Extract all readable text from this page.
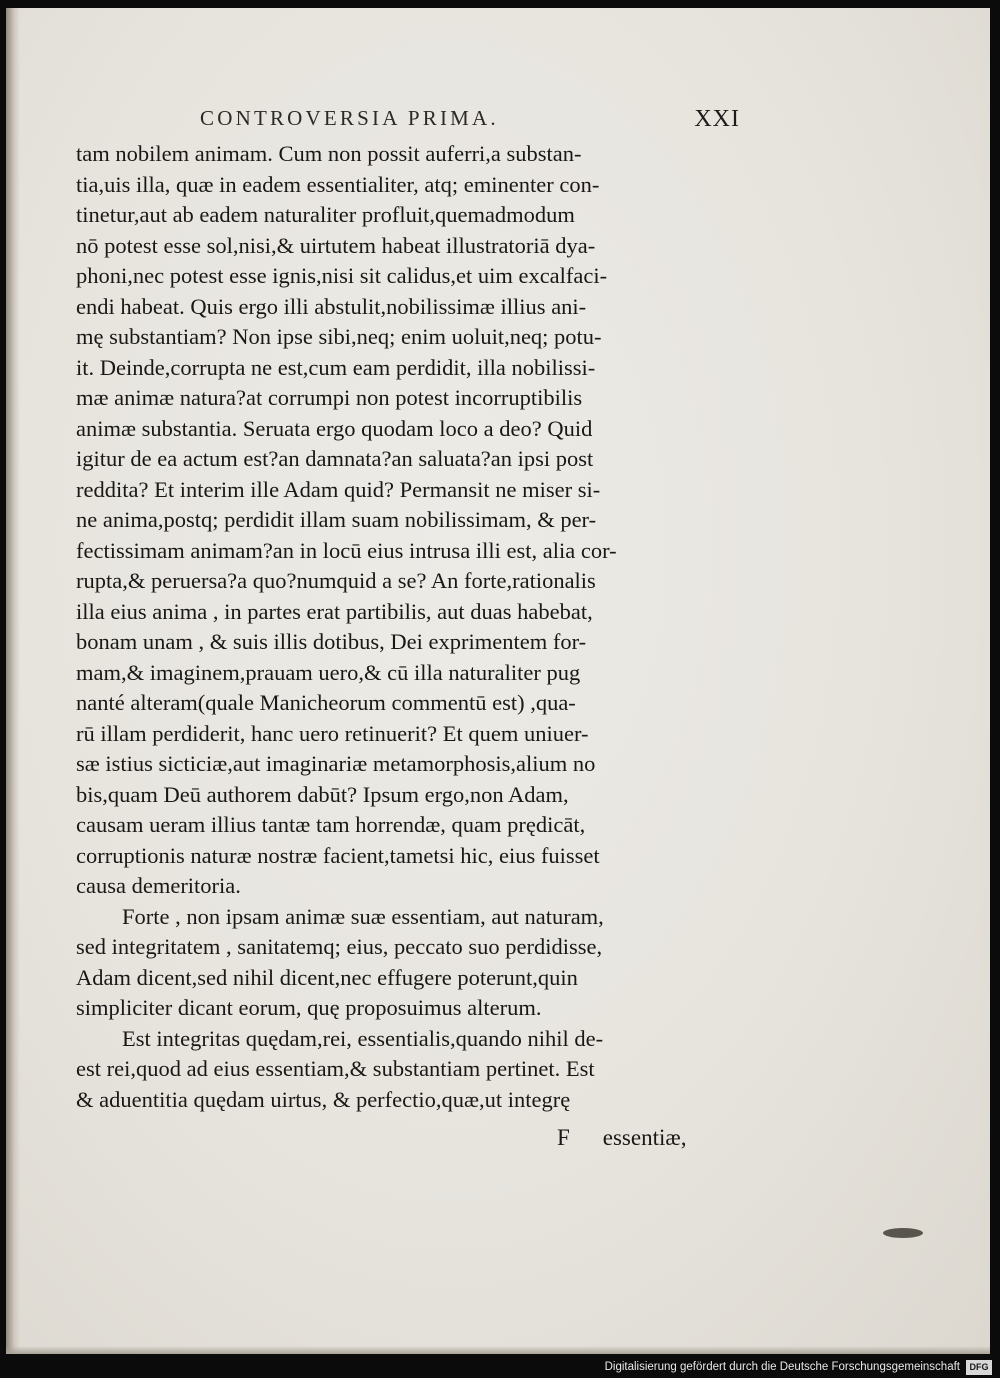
CONTROVERSIA PRIMA.	XXI
tam nobilem animam. Cum non possit auferri,a substan-
tia,uis illa, quæ in eadem essentialiter, atq; eminenter con-
tinetur,aut ab eadem naturaliter profluit,quemadmodum
nō potest esse sol,nisi,& uirtutem habeat illustratoriā dya-
phoni,nec potest esse ignis,nisi sit calidus,et uim excalfaci-
endi habeat. Quis ergo illi abstulit,nobilissimæ illius ani-
mę substantiam? Non ipse sibi,neq; enim uoluit,neq; potu-
it. Deinde,corrupta ne est,cum eam perdidit, illa nobilissi-
mæ animæ natura?at corrumpi non potest incorruptibilis
animæ substantia. Seruata ergo quodam loco a deo? Quid
igitur de ea actum est?an damnata?an saluata?an ipsi post
reddita? Et interim ille Adam quid? Permansit ne miser si-
ne anima,postq; perdidit illam suam nobilissimam, & per-
fectissimam animam?an in locū eius intrusa illi est, alia cor-
rupta,& peruersa?a quo?numquid a se? An forte,rationalis
illa eius anima , in partes erat partibilis, aut duas habebat,
bonam unam , & suis illis dotibus, Dei exprimentem for-
mam,& imaginem,prauam uero,& cū illa naturaliter pug
nanté alteram(quale Manicheorum commentū est) ,qua-
rū illam perdiderit, hanc uero retinuerit? Et quem uniuer-
sæ istius sicticiæ,aut imaginariæ metamorphosis,alium no
bis,quam Deū authorem dabūt? Ipsum ergo,non Adam,
causam ueram illius tantæ tam horrendæ, quam prędicāt,
corruptionis naturæ nostræ facient,tametsi hic, eius fuisset
causa demeritoria.
Forte , non ipsam animæ suæ essentiam, aut naturam,
sed integritatem , sanitatemq; eius, peccato suo perdidisse,
Adam dicent,sed nihil dicent,nec effugere poterunt,quin
simpliciter dicant eorum, quę proposuimus alterum.
Est integritas quędam,rei, essentialis,quando nihil de-
est rei,quod ad eius essentiam,& substantiam pertinet. Est
& aduentitia quędam uirtus, & perfectio,quæ,ut integrę
F essentiæ,
Digitalisierung gefördert durch die Deutsche Forschungsgemeinschaft	DFG
